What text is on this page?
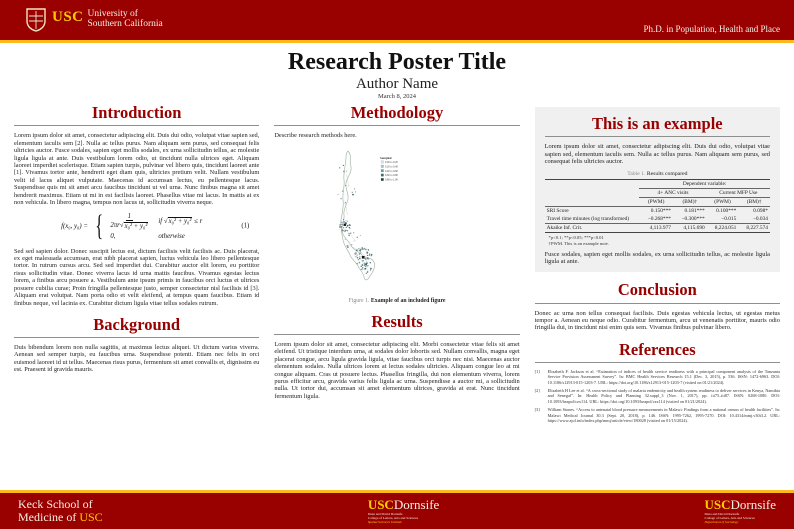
USC University of
Southern California	Ph.D. in Population, Health and Place
Research Poster Title
Author Name
March 8, 2024
Introduction

Lorem ipsum dolor sit amet, consectetur adipiscing elit. Duis dui odio, volutpat vitae sapien sed, elementum iaculis sem [2]. Nulla ac tellus purus. Nam aliquam sem purus, sed consequat felis ultricies auctor. Fusce sodales, sapien eget mollis sodales, ex urna sollicitudin tellus, ac molestie ligula ligula at ante. Duis vestibulum lorem odio, ut tincidunt nulla ultrices eget. Aliquam laoreet imperdiet scelerisque. Etiam sapien turpis, pulvinar vel libero quis, tincidunt laoreet ante [1]. Vivamus tortor ante, hendrerit eget diam quis, ultricies pretium velit. Nullam vestibulum velit id lacus aliquet vulputate. Maecenas id accumsan lectus, eu pellentesque lacus. Suspendisse quis mi sit amet arcu faucibus tincidunt ut vel urna. Nunc finibus magna sit amet hendrerit maximus. Etiam ut mi in est facilisis laoreet. Phasellus vitae mi lacus. In mattis at ex non vehicula. In libero magna, tempus non lacus ut, sollicitudin viverra neque.

f(x₀, y₀) = { $\frac{1}{\text{2πr √ x₀² + y₀²}}$ if √x₀² + y₀² ≤ r
0,	otherwise
(1)

Sed sed sapien dolor. Donec suscipit lectus est, dictum facilisis velit facilisis ac. Duis placerat, ex eget malesuada accumsan, erat nibh placerat sapien, luctus vehicula leo libero pellentesque tortor. In rutrum cursus arcu. Sed sed imperdiet dui. Curabitur auctor elit lorem, eu porttitor risus sollicitudin vitae. Donec viverra lacus id urna mattis faucibus. Vivamus egestas lectus lorem, a finibus arcu posuere a. Vestibulum ante ipsum primis in faucibus orci luctus et ultrices posuere cubilia curae; Proin fringilla pellentesque justo, semper consectetur nisl facilisis id [3]. Aliquam erat volutpat. Nam porta odio et velit eleifend, at tempus quam faucibus. Etiam id finibus neque, vel lacinia ex. Curabitur dictum ligula vitae tellus sodales rutrum.

Background

Duis bibendum lorem non nulla sagittis, at maximus lectus aliquet. Ut dictum varius viverra. Aenean sed semper turpis, eu faucibus urna. Suspendisse potenti. Etiam nec felis in orci euismod laoreet id ut tellus. Maecenas risus purus, fermentum sit amet convallis et, dignissim eu est. Praesent id gravida mauris.

Methodology

Describe research methods here.

Sampled
0.00 to 0.20
0.20 to 0.40
0.40 to 0.60
0.60 to 0.80
0.80 to 1.00
Figure 1. Example of an included figure
Results

Lorem ipsum dolor sit amet, consectetur adipiscing elit. Morbi consectetur vitae felis sit amet eleifend. Ut tristique interdum urna, at sodales dolor lobortis sed. Nullam convallis, magna eget placerat congue, arcu ligula gravida ligula, vitae faucibus orci turpis nec nisi. Maecenas auctor elementum sodales. Nulla ultrices lorem at lectus sodales ultricies. Aliquam congue leo at mi congue aliquam. Cras ut posuere lectus. Phasellus fringilla, dui non elementum viverra, lorem purus efficitur arcu, gravida varius felis ligula ac urna. Suspendisse a auctor mi, a sollicitudin nulla. Ut tortor dui, accumsan sit amet elementum ultrices, gravida at erat. Nunc tincidunt fermentum ligula.

This is an example

Lorem ipsum dolor sit amet, consectetur adipiscing elit. Duis dui odio, volutpat vitae sapien sed, elementum iaculis sem. Nulla ac tellus purus. Nam aliquam sem purus, sed consequat felis ultricies auctor.

Table 1. Results compared
	Dependent variable:			
	4+ ANC visits		Current MFP Use	
	(PWM)	(BM)†	(PWM)	(BM)†
SRI Score	0.150***	0.181***	0.100***	0.098*
Travel time minutes (log transformed)	−0.268***	−0.300***	−0.015	−0.034
Akaike Inf. Crit.	4,113.977	4,115.690	8,224.051	8,227.574
*p<0.1; **p<0.05; ***p<0.01
†PWM. This is an example note.

Fusce sodales, sapien eget mollis sodales, ex urna sollicitudin tellus, ac molestie ligula ligula at ante.

Conclusion

Donec ac urna non tellus consequat facilisis. Duis egestas vehicula lectus, ut egestas metus tempor a. Aenean eu neque odio. Curabitur fermentum, arcu ut venenatis porttitor, mauris odio fringilla dui, in tincidunt nisi enim quis sem. Vivamus finibus pulvinar libero.

References
[1]	Elizabeth F. Jackson et al. “Estimation of indices of health service readiness with a principal component analysis of the Tanzania Service Provision Assessment Survey”. In: BMC Health Services Research 15.1 (Dec. 3, 2015), p. 536. ISSN: 1472-6963. DOI: 10.1186/s12913-015-1203-7. URL: https://doi.org/10.1186/s12913-015-1203-7 (visited on 01/21/2024).
[2]	Elizabeth H Lee et al. “A cross-sectional study of malaria endemicity and health system readiness to deliver services in Kenya, Namibia and Senegal”. In: Health Policy and Planning 32.suppl_3 (Nov. 1, 2017), pp. iii75–iii87. ISSN: 0268-1080. DOI: 10.1093/heapol/czx114. URL: https://doi.org/10.1093/heapol/czx114 (visited on 01/21/2024).
[3]	William Stones. “Access to antenatal blood pressure measurements in Malawi: Findings from a national census of health facilities”. In: Malawi Medical Journal 30.3 (Sept. 20, 2018), p. 146. ISSN: 1995-7262, 1995-7270. DOI: 10.4314/mmj.v30i3.2. URL: https://www.ajol.info/index.php/mmj/article/view/180028 (visited on 01/15/2024).
Keck School of
Medicine of USC
USCDornsife
Dana and David Dornsife
College of Letters, Arts and Sciences
Spatial Sciences Institute
USCDornsife
Dana and David Dornsife
College of Letters, Arts and Sciences
Department of Sociology
